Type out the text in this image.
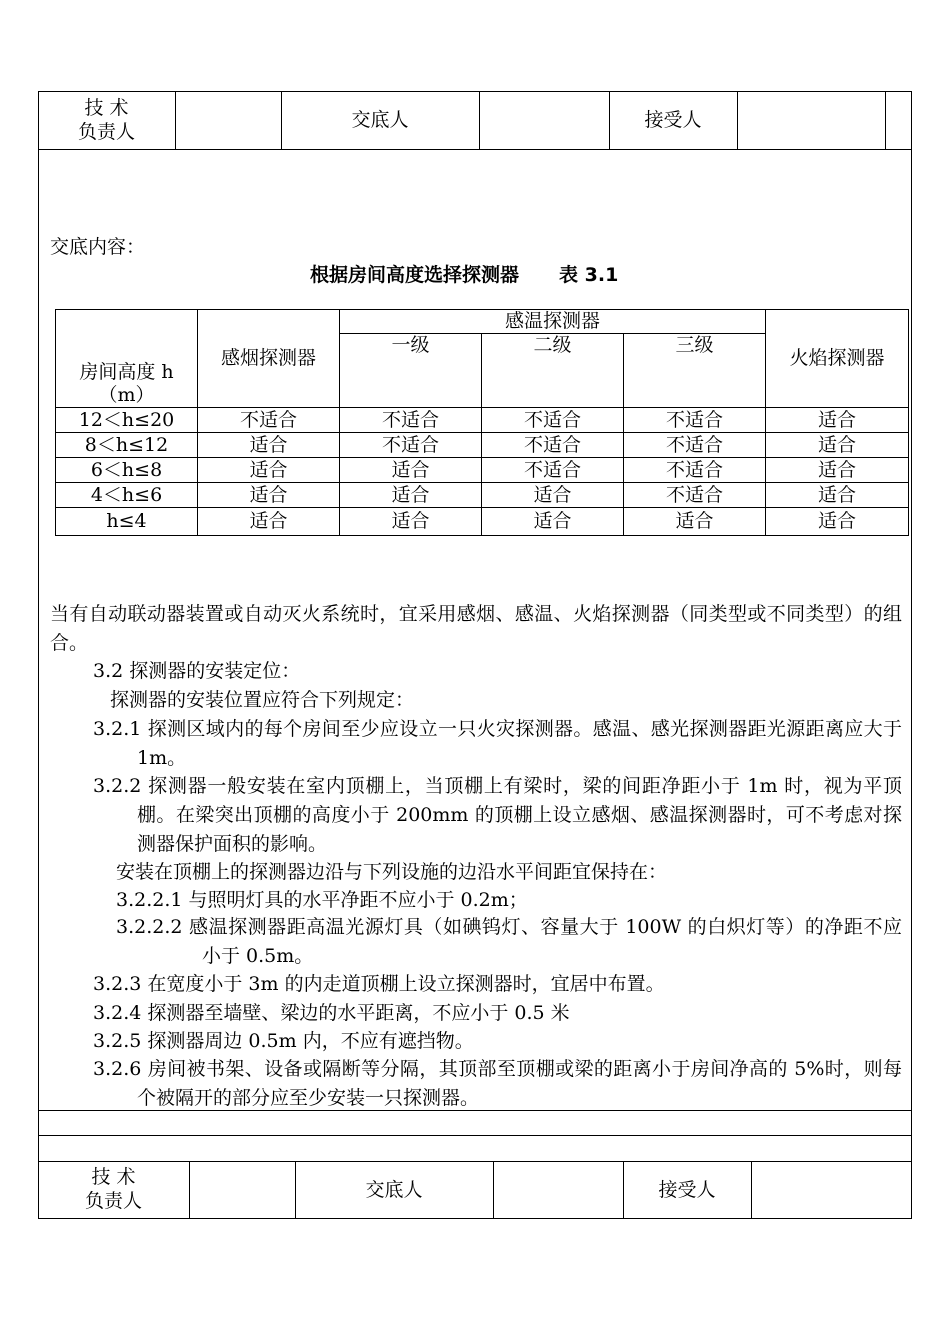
技 术
负责人
交底人	接受人
交底内容：
根据房间高度选择探测器 表 3.1
房间高度 h
（m）	感烟探测器	感温探测器			火焰探测器
		一级	二级	三级	
12＜h≤20	不适合	不适合	不适合	不适合	适合
8＜h≤12	适合	不适合	不适合	不适合	适合
6＜h≤8	适合	适合	不适合	不适合	适合
4＜h≤6	适合	适合	适合	不适合	适合
h≤4	适合	适合	适合	适合	适合
当有自动联动器装置或自动灭火系统时，宜采用感烟、感温、火焰探测器（同类型或不同类型）的组合。
3.2 探测器的安装定位：
探测器的安装位置应符合下列规定：
3.2.1 探测区域内的每个房间至少应设立一只火灾探测器。感温、感光探测器距光源距离应大于 1m。
3.2.2 探测器一般安装在室内顶棚上，当顶棚上有梁时，梁的间距净距小于 1m 时，视为平顶棚。在梁突出顶棚的高度小于 200mm 的顶棚上设立感烟、感温探测器时，可不考虑对探测器保护面积的影响。
安装在顶棚上的探测器边沿与下列设施的边沿水平间距宜保持在：
3.2.2.1 与照明灯具的水平净距不应小于 0.2m；
3.2.2.2 感温探测器距高温光源灯具（如碘钨灯、容量大于 100W 的白炽灯等）的净距不应小于 0.5m。
3.2.3 在宽度小于 3m 的内走道顶棚上设立探测器时，宜居中布置。
3.2.4 探测器至墙壁、梁边的水平距离，不应小于 0.5 米
3.2.5 探测器周边 0.5m 内，不应有遮挡物。
3.2.6 房间被书架、设备或隔断等分隔，其顶部至顶棚或梁的距离小于房间净高的 5%时，则每个被隔开的部分应至少安装一只探测器。
技 术
负责人	交底人	接受人
